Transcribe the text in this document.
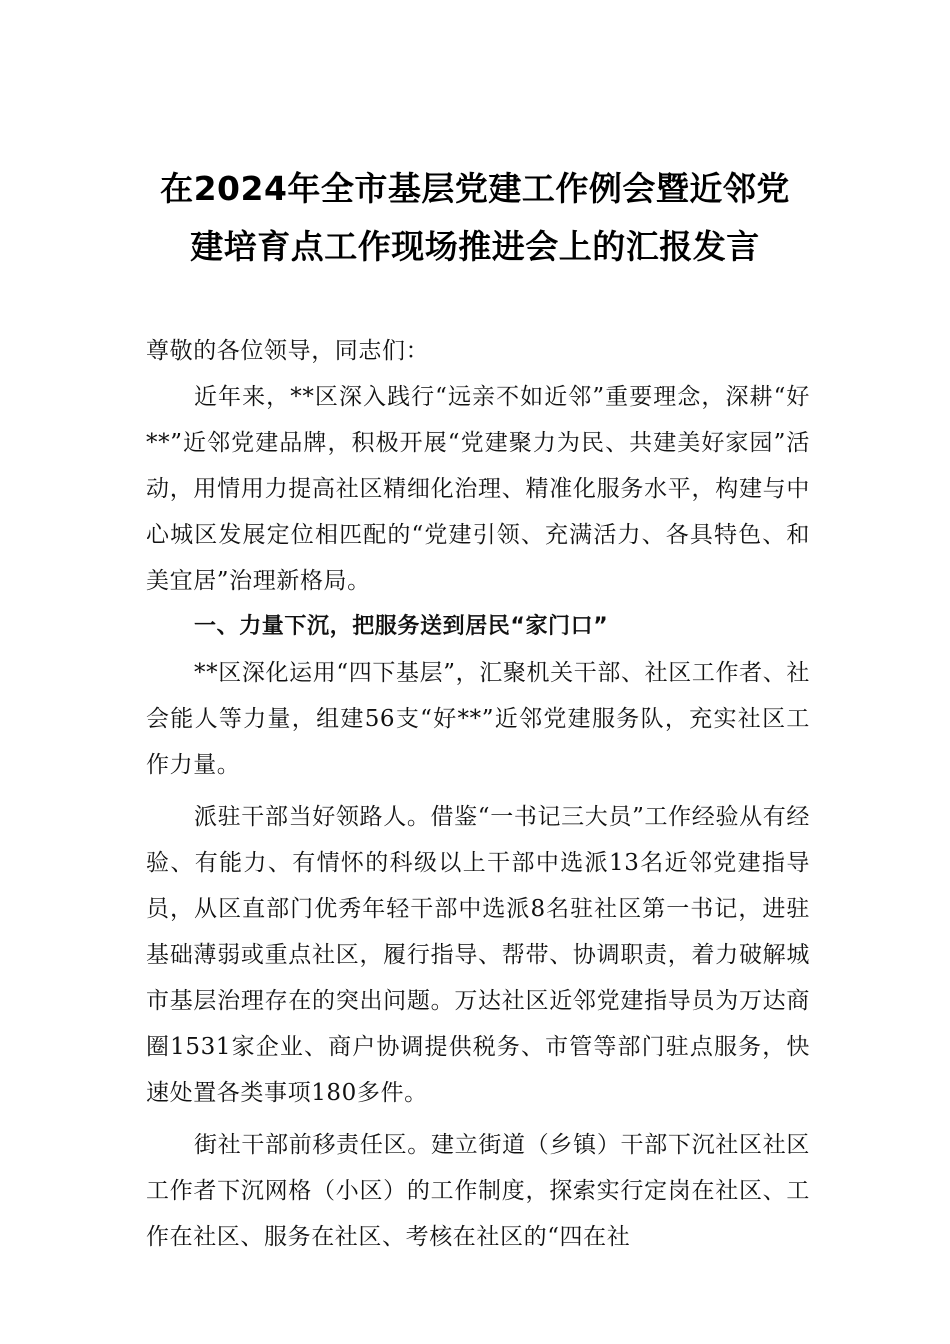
在2024年全市基层党建工作例会暨近邻党
建培育点工作现场推进会上的汇报发言

尊敬的各位领导，同志们：

近年来，**区深入践行“远亲不如近邻”重要理念，深耕“好**”近邻党建品牌，积极开展“党建聚力为民、共建美好家园”活动，用情用力提高社区精细化治理、精准化服务水平，构建与中心城区发展定位相匹配的“党建引领、充满活力、各具特色、和美宜居”治理新格局。

一、力量下沉，把服务送到居民“家门口”

**区深化运用“四下基层”，汇聚机关干部、社区工作者、社会能人等力量，组建56支“好**”近邻党建服务队，充实社区工作力量。

派驻干部当好领路人。借鉴“一书记三大员”工作经验从有经验、有能力、有情怀的科级以上干部中选派13名近邻党建指导员，从区直部门优秀年轻干部中选派8名驻社区第一书记，进驻基础薄弱或重点社区，履行指导、帮带、协调职责，着力破解城市基层治理存在的突出问题。万达社区近邻党建指导员为万达商圈1531家企业、商户协调提供税务、市管等部门驻点服务，快速处置各类事项180多件。

街社干部前移责任区。建立街道（乡镇）干部下沉社区社区工作者下沉网格（小区）的工作制度，探索实行定岗在社区、工作在社区、服务在社区、考核在社区的“四在社
